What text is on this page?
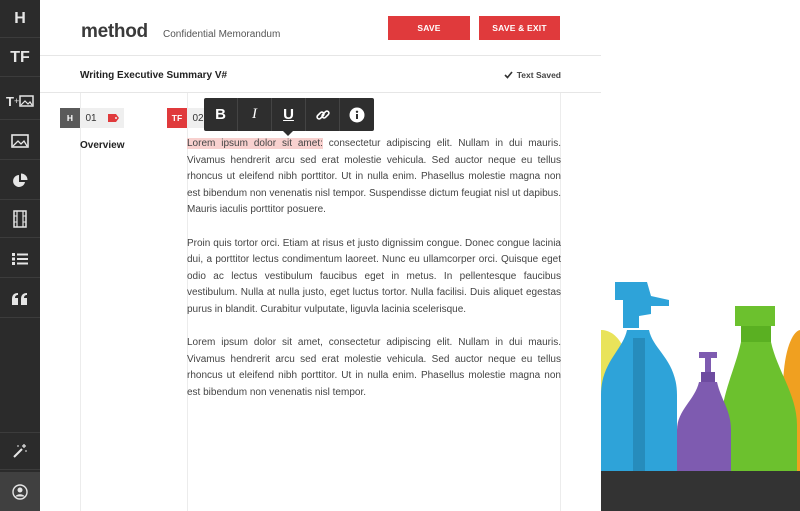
H
TF
T +
method Confidential Memorandum
SAVE	SAVE & EXIT
Writing Executive Summary V#	Text Saved
H	01
Overview
TF	02

Lorem ipsum dolor sit amet: consectetur adipiscing elit. Nullam in dui mauris. Vivamus hendrerit arcu sed erat molestie vehicula. Sed auctor neque eu tellus rhoncus ut eleifend nibh porttitor. Ut in nulla enim. Phasellus molestie magna non est bibendum non venenatis nisl tempor. Suspendisse dictum feugiat nisl ut dapibus. Mauris iaculis porttitor posuere.

Proin quis tortor orci. Etiam at risus et justo dignissim congue. Donec congue lacinia dui, a porttitor lectus condimentum laoreet. Nunc eu ullamcorper orci. Quisque eget odio ac lectus vestibulum faucibus eget in metus. In pellentesque faucibus vestibulum. Nulla at nulla justo, eget luctus tortor. Nulla facilisi. Duis aliquet egestas purus in blandit. Curabitur vulputate, liguvla lacinia scelerisque.

Lorem ipsum dolor sit amet, consectetur adipiscing elit. Nullam in dui mauris. Vivamus hendrerit arcu sed erat molestie vehicula. Sed auctor neque eu tellus rhoncus ut eleifend nibh porttitor. Ut in nulla enim. Phasellus molestie magna non est bibendum non venenatis nisl tempor.

B I U
